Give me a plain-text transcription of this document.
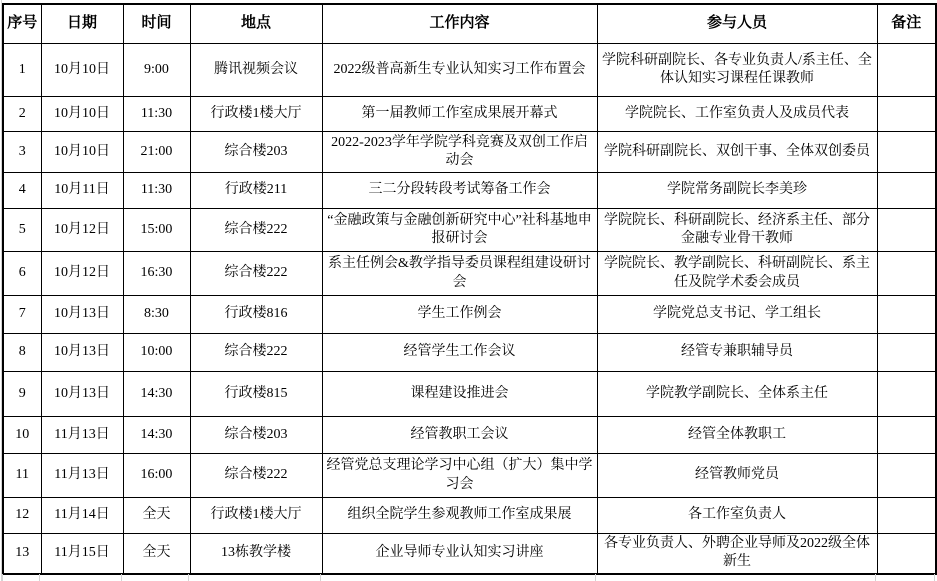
序号	日期	时间	地点	工作内容	参与人员	备注
1	10月10日	9:00	腾讯视频会议	2022级普高新生专业认知实习工作布置会	学院科研副院长、各专业负责人/系主任、全体认知实习课程任课教师	
2	10月10日	11:30	行政楼1楼大厅	第一届教师工作室成果展开幕式	学院院长、工作室负责人及成员代表	
3	10月10日	21:00	综合楼203	2022-2023学年学院学科竞赛及双创工作启动会	学院科研副院长、双创干事、全体双创委员	
4	10月11日	11:30	行政楼211	三二分段转段考试筹备工作会	学院常务副院长李美珍	
5	10月12日	15:00	综合楼222	“金融政策与金融创新研究中心”社科基地申报研讨会	学院院长、科研副院长、经济系主任、部分金融专业骨干教师	
6	10月12日	16:30	综合楼222	系主任例会&教学指导委员课程组建设研讨会	学院院长、教学副院长、科研副院长、系主任及院学术委会成员	
7	10月13日	8:30	行政楼816	学生工作例会	学院党总支书记、学工组长	
8	10月13日	10:00	综合楼222	经管学生工作会议	经管专兼职辅导员	
9	10月13日	14:30	行政楼815	课程建设推进会	学院教学副院长、全体系主任	
10	11月13日	14:30	综合楼203	经管教职工会议	经管全体教职工	
11	11月13日	16:00	综合楼222	经管党总支理论学习中心组（扩大）集中学习会	经管教师党员	
12	11月14日	全天	行政楼1楼大厅	组织全院学生参观教师工作室成果展	各工作室负责人	
13	11月15日	全天	13栋教学楼	企业导师专业认知实习讲座	各专业负责人、外聘企业导师及2022级全体新生	
